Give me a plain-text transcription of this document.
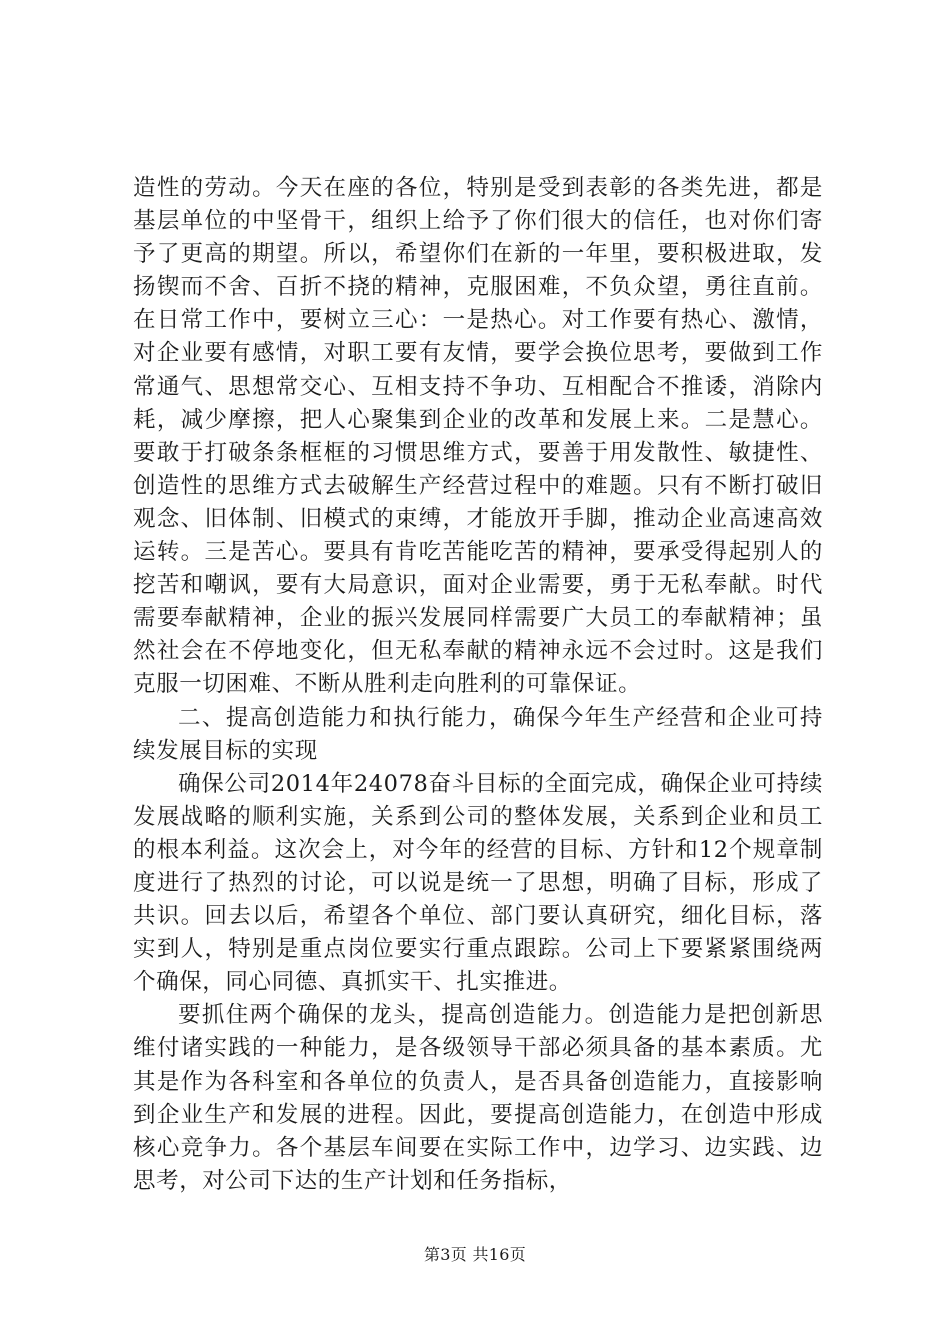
造性的劳动。今天在座的各位，特别是受到表彰的各类先进，都是基层单位的中坚骨干，组织上给予了你们很大的信任，也对你们寄予了更高的期望。所以，希望你们在新的一年里，要积极进取，发扬锲而不舍、百折不挠的精神，克服困难，不负众望，勇往直前。在日常工作中，要树立三心：一是热心。对工作要有热心、激情，对企业要有感情，对职工要有友情，要学会换位思考，要做到工作常通气、思想常交心、互相支持不争功、互相配合不推诿，消除内耗，减少摩擦，把人心聚集到企业的改革和发展上来。二是慧心。要敢于打破条条框框的习惯思维方式，要善于用发散性、敏捷性、创造性的思维方式去破解生产经营过程中的难题。只有不断打破旧观念、旧体制、旧模式的束缚，才能放开手脚，推动企业高速高效运转。三是苦心。要具有肯吃苦能吃苦的精神，要承受得起别人的挖苦和嘲讽，要有大局意识，面对企业需要，勇于无私奉献。时代需要奉献精神，企业的振兴发展同样需要广大员工的奉献精神；虽然社会在不停地变化，但无私奉献的精神永远不会过时。这是我们克服一切困难、不断从胜利走向胜利的可靠保证。

二、提高创造能力和执行能力，确保今年生产经营和企业可持续发展目标的实现

确保公司2014年24078奋斗目标的全面完成，确保企业可持续发展战略的顺利实施，关系到公司的整体发展，关系到企业和员工的根本利益。这次会上，对今年的经营的目标、方针和12个规章制度进行了热烈的讨论，可以说是统一了思想，明确了目标，形成了共识。回去以后，希望各个单位、部门要认真研究，细化目标，落实到人，特别是重点岗位要实行重点跟踪。公司上下要紧紧围绕两个确保，同心同德、真抓实干、扎实推进。

要抓住两个确保的龙头，提高创造能力。创造能力是把创新思维付诸实践的一种能力，是各级领导干部必须具备的基本素质。尤其是作为各科室和各单位的负责人，是否具备创造能力，直接影响到企业生产和发展的进程。因此，要提高创造能力，在创造中形成核心竞争力。各个基层车间要在实际工作中，边学习、边实践、边思考，对公司下达的生产计划和任务指标，

第3页 共16页
